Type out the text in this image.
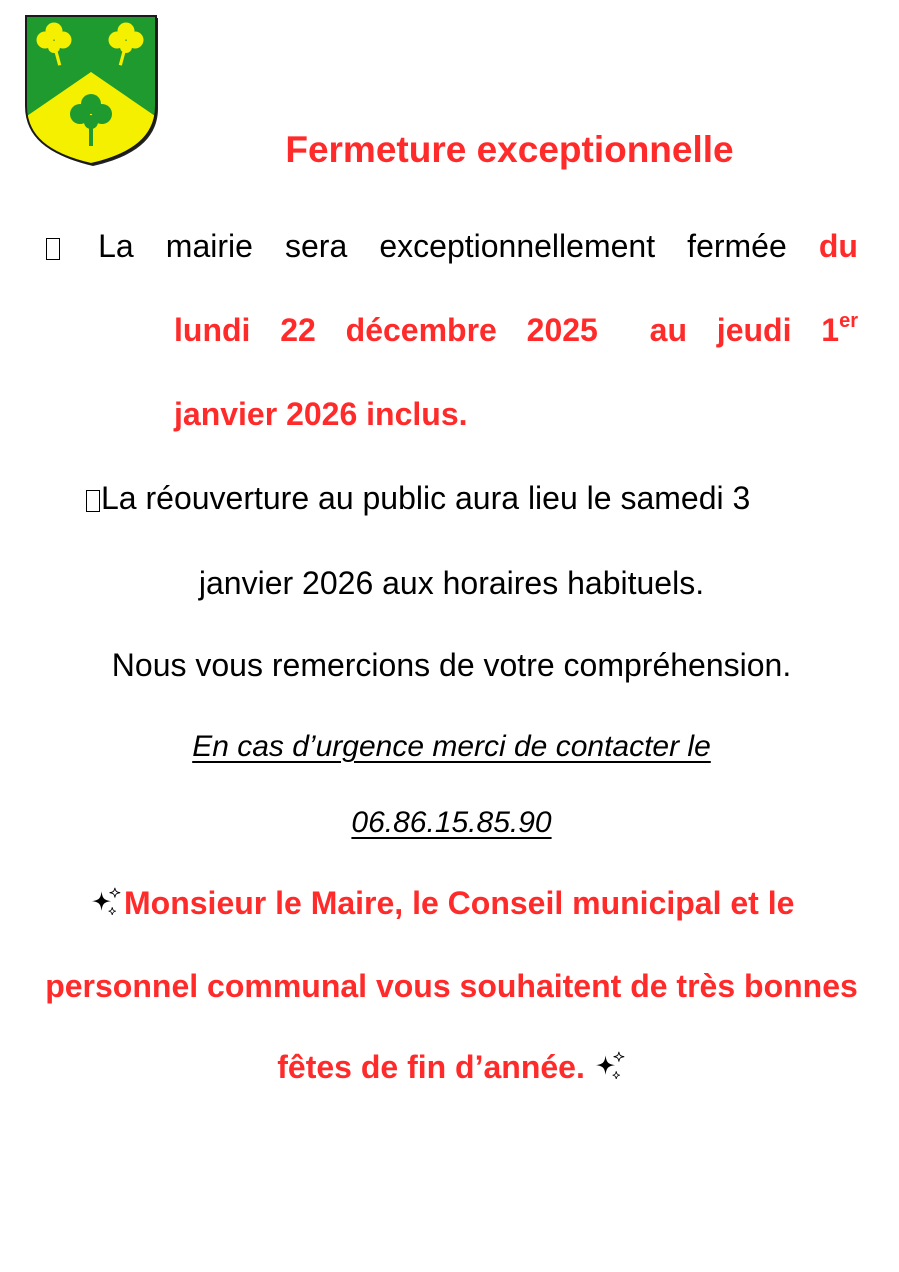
Fermeture exceptionnelle
La mairie sera exceptionnellement fermée du
lundi 22 décembre 2025 au jeudi 1er
janvier 2026 inclus.
La réouverture au public aura lieu le samedi 3
janvier 2026 aux horaires habituels.
Nous vous remercions de votre compréhension.
En cas d’urgence merci de contacter le
06.86.15.85.90
Monsieur le Maire, le Conseil municipal et le
personnel communal vous souhaitent de très bonnes
fêtes de fin d’année.
